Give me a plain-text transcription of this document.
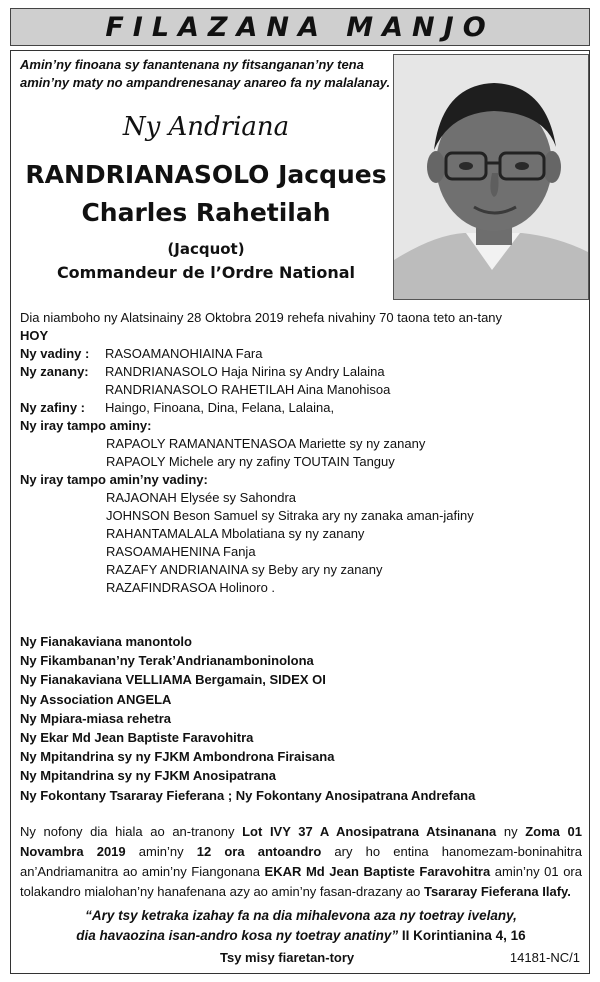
FILAZANA MANJO
Amin’ny finoana sy fanantenana ny fitsanganan’ny tena amin’ny maty no ampandrenesanay anareo fa ny malalanay.
Ny Andriana
RANDRIANASOLO Jacques
Charles Rahetilah
(Jacquot)
Commandeur de l’Ordre National
Dia niamboho ny Alatsinainy 28 Oktobra 2019 rehefa nivahiny 70 taona teto an-tany
HOY
Ny vadiny : RASOAMANOHIAINA Fara
Ny zanany: RANDRIANASOLO Haja Nirina sy Andry Lalaina
RANDRIANASOLO RAHETILAH Aina Manohisoa
Ny zafiny : Haingo, Finoana, Dina, Felana, Lalaina,
Ny iray tampo aminy:
RAPAOLY RAMANANTENASOA Mariette sy ny zanany
RAPAOLY Michele ary ny zafiny TOUTAIN Tanguy
Ny iray tampo amin’ny vadiny:
RAJAONAH Elysée sy Sahondra
JOHNSON Beson Samuel sy Sitraka ary ny zanaka aman-jafiny
RAHANTAMALALA Mbolatiana sy ny zanany
RASOAMAHENINA Fanja
RAZAFY ANDRIANAINA sy Beby ary ny zanany
RAZAFINDRASOA Holinoro .
Ny Fianakaviana manontolo
Ny Fikambanan’ny Terak’Andrianamboninolona
Ny Fianakaviana VELLIAMA Bergamain, SIDEX OI
Ny Association ANGELA
Ny Mpiara-miasa rehetra
Ny Ekar Md Jean Baptiste Faravohitra
Ny Mpitandrina sy ny FJKM Ambondrona Firaisana
Ny Mpitandrina sy ny FJKM Anosipatrana
Ny Fokontany Tsararay Fieferana ; Ny Fokontany Anosipatrana Andrefana
Ny nofony dia hiala ao an-tranony Lot IVY 37 A Anosipatrana Atsinanana ny Zoma 01 Novambra 2019 amin’ny 12 ora antoandro ary ho entina hanomezam-boninahitra an’Andriamanitra ao amin’ny Fiangonana EKAR Md Jean Baptiste Faravohitra amin’ny 01 ora tolakandro mialohan’ny hanafenana azy ao amin’ny fasan-drazany ao Tsararay Fieferana Ilafy.
“Ary tsy ketraka izahay fa na dia mihalevona aza ny toetray ivelany,
dia havaozina isan-andro kosa ny toetray anatiny” II Korintianina 4, 16
Tsy misy fiaretan-tory	14181-NC/1
